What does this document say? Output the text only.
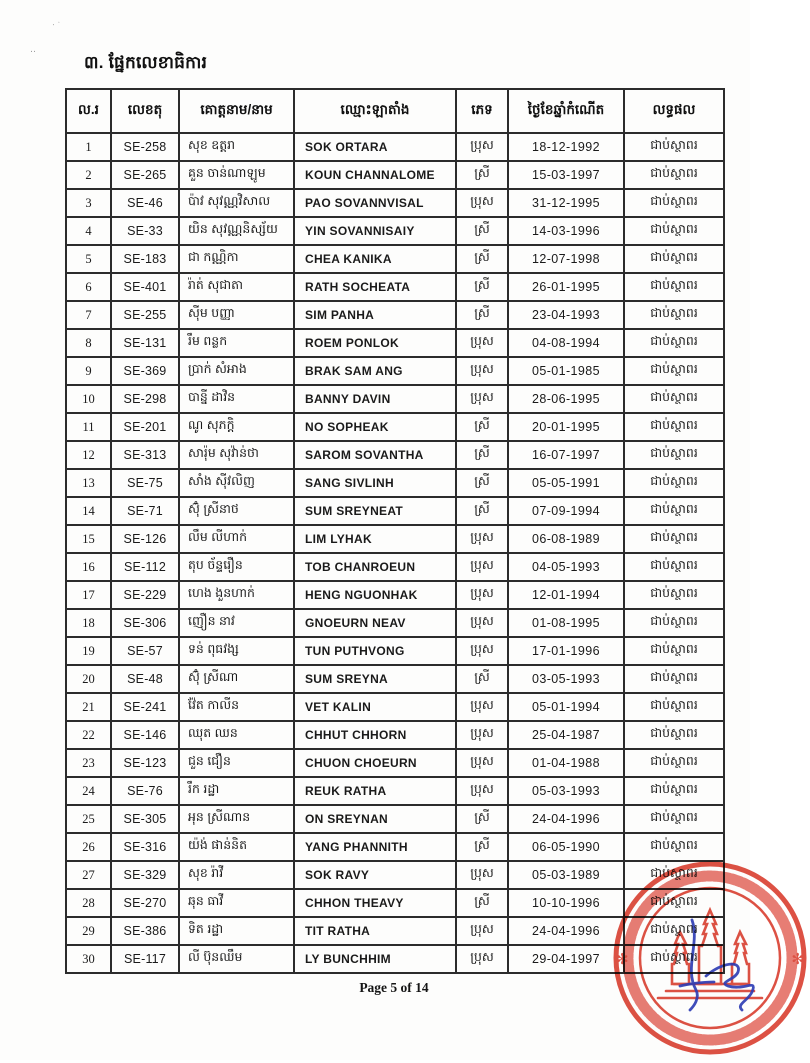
·˙
‥
៣. ផ្នែកលេខាធិការ
ល.រ	លេខតុ	គោត្តនាម/នាម	ឈ្មោះឡាតាំង	ភេទ	ថ្ងៃខែឆ្នាំកំណើត	លទ្ធផល
1	SE-258	សុខ ឧត្តរា	SOK ORTARA	ប្រុស	18-12-1992	ជាប់ស្ថាពរ
2	SE-265	គួន ចាន់ណាឡូម	KOUN CHANNALOME	ស្រី	15-03-1997	ជាប់ស្ថាពរ
3	SE-46	ប៉ាវ សុវណ្ណវិសាល	PAO SOVANNVISAL	ប្រុស	31-12-1995	ជាប់ស្ថាពរ
4	SE-33	យិន សុវណ្ណនិស្ស័យ	YIN SOVANNISAIY	ស្រី	14-03-1996	ជាប់ស្ថាពរ
5	SE-183	ជា កណ្ណិកា	CHEA KANIKA	ស្រី	12-07-1998	ជាប់ស្ថាពរ
6	SE-401	រ៉ាត់ សុជាតា	RATH SOCHEATA	ស្រី	26-01-1995	ជាប់ស្ថាពរ
7	SE-255	ស៊ីម បញ្ញា	SIM PANHA	ស្រី	23-04-1993	ជាប់ស្ថាពរ
8	SE-131	រឹម ពន្លក	ROEM PONLOK	ប្រុស	04-08-1994	ជាប់ស្ថាពរ
9	SE-369	ប្រាក់ សំអាង	BRAK SAM ANG	ប្រុស	05-01-1985	ជាប់ស្ថាពរ
10	SE-298	បាន្នី ដាវិន	BANNY DAVIN	ប្រុស	28-06-1995	ជាប់ស្ថាពរ
11	SE-201	ណូ សុភក្តិ	NO SOPHEAK	ស្រី	20-01-1995	ជាប់ស្ថាពរ
12	SE-313	សារ៉ុម សុវ៉ាន់ថា	SAROM SOVANTHA	ស្រី	16-07-1997	ជាប់ស្ថាពរ
13	SE-75	សាំង ស៊ីវលិញ	SANG SIVLINH	ស្រី	05-05-1991	ជាប់ស្ថាពរ
14	SE-71	ស៊ុំ ស្រីនាថ	SUM SREYNEAT	ស្រី	07-09-1994	ជាប់ស្ថាពរ
15	SE-126	លឹម លីហាក់	LIM LYHAK	ប្រុស	06-08-1989	ជាប់ស្ថាពរ
16	SE-112	តុប ច័ន្ទរឿន	TOB CHANROEUN	ប្រុស	04-05-1993	ជាប់ស្ថាពរ
17	SE-229	ហេង ងួនហាក់	HENG NGUONHAK	ប្រុស	12-01-1994	ជាប់ស្ថាពរ
18	SE-306	ញឿន នាវ	GNOEURN NEAV	ប្រុស	01-08-1995	ជាប់ស្ថាពរ
19	SE-57	ទន់ ពុធវង្ស	TUN PUTHVONG	ប្រុស	17-01-1996	ជាប់ស្ថាពរ
20	SE-48	ស៊ុំ ស្រីណា	SUM SREYNA	ស្រី	03-05-1993	ជាប់ស្ថាពរ
21	SE-241	វ៉ែត កាលីន	VET KALIN	ប្រុស	05-01-1994	ជាប់ស្ថាពរ
22	SE-146	ឈុត ឈន	CHHUT CHHORN	ប្រុស	25-04-1987	ជាប់ស្ថាពរ
23	SE-123	ជួន ជឿន	CHUON CHOEURN	ប្រុស	01-04-1988	ជាប់ស្ថាពរ
24	SE-76	រឹក រដ្ឋា	REUK RATHA	ប្រុស	05-03-1993	ជាប់ស្ថាពរ
25	SE-305	អុន ស្រីណាន	ON SREYNAN	ស្រី	24-04-1996	ជាប់ស្ថាពរ
26	SE-316	យ៉ង់ ផាន់និត	YANG PHANNITH	ស្រី	06-05-1990	ជាប់ស្ថាពរ
27	SE-329	សុខ រ៉ាវី	SOK RAVY	ប្រុស	05-03-1989	ជាប់ស្ថាពរ
28	SE-270	ឆុន ធាវី	CHHON THEAVY	ស្រី	10-10-1996	ជាប់ស្ថាពរ
29	SE-386	ទិត រដ្ឋា	TIT RATHA	ប្រុស	24-04-1996	ជាប់ស្ថាពរ
30	SE-117	លី ប៊ុនឈឹម	LY BUNCHHIM	ប្រុស	29-04-1997	ជាប់ស្ថាពរ
Page 5 of 14
✻	✻
